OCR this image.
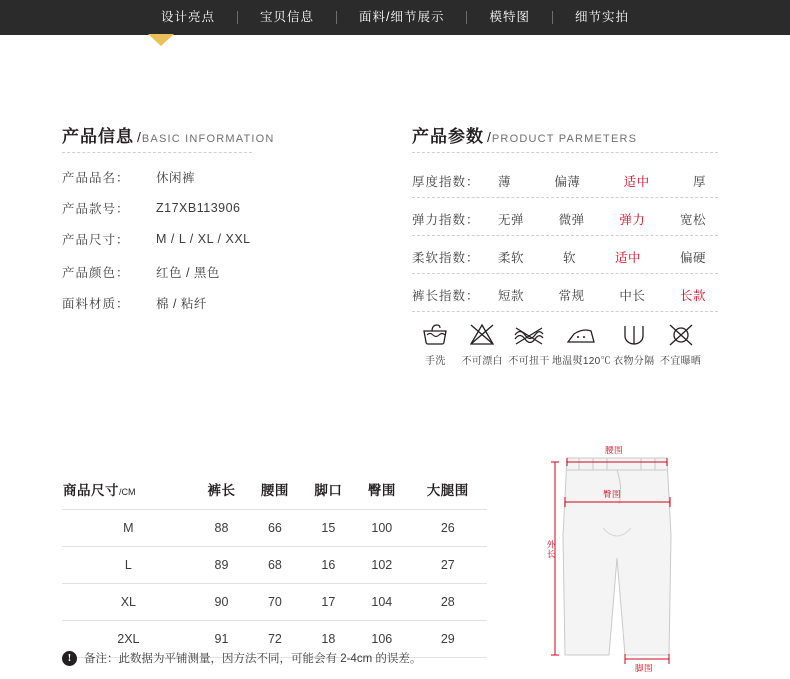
设计亮点	宝贝信息	面料/细节展示	模特图	细节实拍
产品信息 / BASIC INFORMATION
产品品名：	休闲裤
产品款号：	Z17XB113906
产品尺寸：	M / L / XL / XXL
产品颜色：	红色 / 黑色
面料材质：	棉 / 粘纤
产品参数 / PRODUCT PARMETERS
厚度指数：	薄	偏薄	适中	厚
弹力指数：	无弹	微弹	弹力	宽松
柔软指数：	柔软	软	适中	偏硬
裤长指数：	短款	常规	中长	长款
手洗 不可漂白 不可扭干 地温熨120℃ 衣物分隔 不宜曝晒
商品尺寸/CM	裤长	腰围	脚口	臀围	大腿围
M	88	66	15	100	26
L	89	68	16	102	27
XL	90	70	17	104	28
2XL	91	72	18	106	29
!	备注：此数据为平铺测量，因方法不同，可能会有 2-4cm 的误差。
腰围
臀围
外长
脚围
